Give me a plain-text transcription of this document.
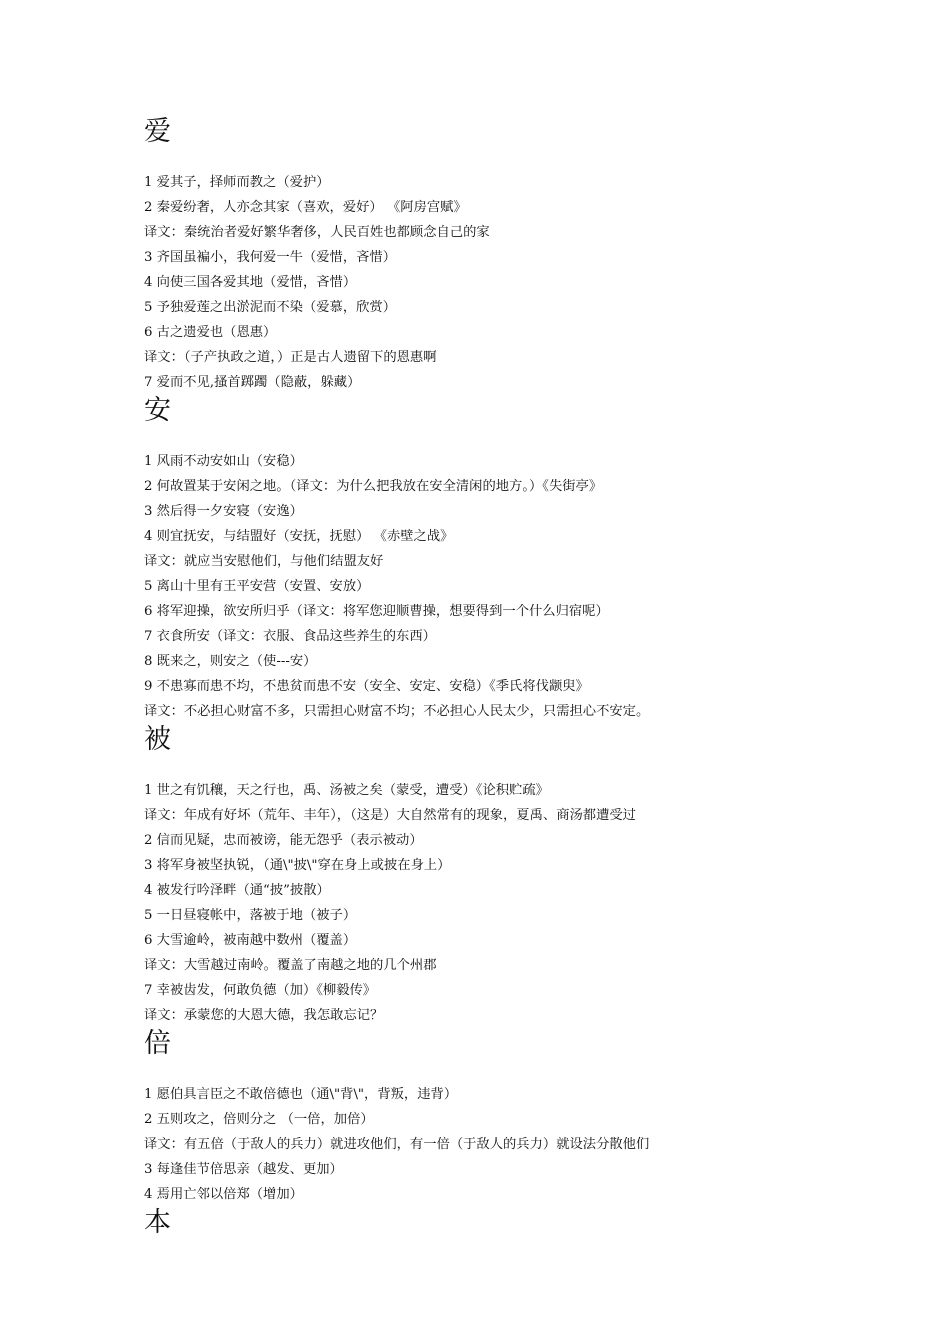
爱
1 爱其子，择师而教之（爱护）
2 秦爱纷奢，人亦念其家（喜欢，爱好） 《阿房宫赋》
译文：秦统治者爱好繁华奢侈，人民百姓也都顾念自己的家
3 齐国虽褊小，我何爱一牛（爱惜，吝惜）
4 向使三国各爱其地（爱惜，吝惜）
5 予独爱莲之出淤泥而不染（爱慕，欣赏）
6 古之遗爱也（恩惠）
译文：（子产执政之道，）正是古人遗留下的恩惠啊
7 爱而不见,搔首踯躅（隐蔽，躲藏）
安
1 风雨不动安如山（安稳）
2 何故置某于安闲之地。（译文：为什么把我放在安全清闲的地方。）《失街亭》
3 然后得一夕安寝（安逸）
4 则宜抚安，与结盟好（安抚，抚慰） 《赤壁之战》
译文：就应当安慰他们，与他们结盟友好
5 离山十里有王平安营（安置、安放）
6 将军迎操，欲安所归乎（译文：将军您迎顺曹操，想要得到一个什么归宿呢）
7 衣食所安（译文：衣服、食品这些养生的东西）
8 既来之，则安之（使---安）
9 不患寡而患不均，不患贫而患不安（安全、安定、安稳）《季氏将伐颛臾》
译文：不必担心财富不多，只需担心财富不均；不必担心人民太少，只需担心不安定。
被
1 世之有饥穰，天之行也，禹、汤被之矣（蒙受，遭受）《论积贮疏》
译文：年成有好坏（荒年、丰年），（这是）大自然常有的现象，夏禹、商汤都遭受过
2 信而见疑，忠而被谤，能无怨乎（表示被动）
3 将军身被坚执锐，（通\"披\"穿在身上或披在身上）
4 被发行吟泽畔（通“披”披散）
5 一日昼寝帐中，落被于地（被子）
6 大雪逾岭，被南越中数州（覆盖）
译文：大雪越过南岭。覆盖了南越之地的几个州郡
7 幸被齿发，何敢负德（加）《柳毅传》
译文：承蒙您的大恩大德，我怎敢忘记？
倍
1 愿伯具言臣之不敢倍德也（通\"背\"，背叛，违背）
2 五则攻之，倍则分之 （一倍，加倍）
译文：有五倍（于敌人的兵力）就进攻他们，有一倍（于敌人的兵力）就设法分散他们
3 每逢佳节倍思亲（越发、更加）
4 焉用亡邻以倍郑（增加）
本
